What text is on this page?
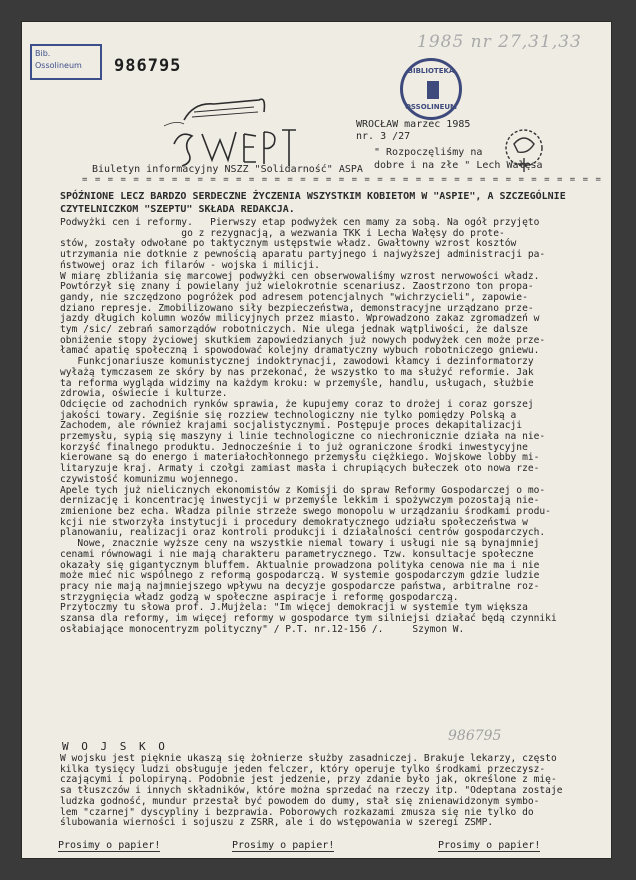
Bib.
Ossolineum	986795
1985 nr 27,31,33
BIBLIOTEKA
OSSOLINEUM
WROCŁAW marzec 1985
nr. 3 /27
" Rozpoczęliśmy na
dobre i na złe " Lech Wałęsa
Biuletyn informacyjny NSZZ "Solidarność" ASPA
= = = = = = = = = = = = = = = = = = = = = = = = = = = = = = = = = = = = = = = = =
SPÓŹNIONE LECZ BARDZO SERDECZNE ŻYCZENIA WSZYSTKIM KOBIETOM W "ASPIE", A SZCZEGÓLNIE
CZYTELNICZKOM "SZEPTU" SKŁADA REDAKCJA.

Podwyżki cen i reformy.   Pierwszy etap podwyżek cen mamy za sobą. Na ogół przyjęto

go z rezygnacją, a wezwania TKK i Lecha Wałęsy do prote-

stów, zostały odwołane po taktycznym ustępstwie władz. Gwałtowny wzrost kosztów

utrzymania nie dotknie z pewnością aparatu partyjnego i najwyższej administracji pa-

ństwowej oraz ich filarów - wojska i milicji.

W miarę zbliżania się marcowej podwyżki cen obserwowaliśmy wzrost nerwowości władz.

Powtórzył się znany i powielany już wielokrotnie scenariusz. Zaostrzono ton propa-

gandy, nie szczędzono pogróżek pod adresem potencjalnych "wichrzycieli", zapowie-

dziano represje. Zmobilizowano siły bezpieczeństwa, demonstracyjne urządzano prze-

jazdy długich kolumn wozów milicyjnych przez miasto. Wprowadzono zakaz zgromadzeń w

tym /sic/ zebrań samorządów robotniczych. Nie ulega jednak wątpliwości, że dalsze

obniżenie stopy życiowej skutkiem zapowiedzianych już nowych podwyżek cen może prze-

łamać apatię społeczną i spowodować kolejny dramatyczny wybuch robotniczego gniewu.

Funkcjonariusze komunistycznej indoktrynacji, zawodowi kłamcy i dezinformatorzy

wyłażą tymczasem ze skóry by nas przekonać, że wszystko to ma służyć reformie. Jak

ta reforma wygląda widzimy na każdym kroku: w przemyśle, handlu, usługach, służbie

zdrowia, oświecie i kulturze.

Odcięcie od zachodnich rynków sprawia, że kupujemy coraz to drożej i coraz gorszej

jakości towary. Zegiśnie się rozziew technologiczny nie tylko pomiędzy Polską a

Zachodem, ale również krajami socjalistycznymi. Postępuje proces dekapitalizacji

przemysłu, sypią się maszyny i linie technologiczne co niechronicznie działa na nie-

korzyść finalnego produktu. Jednocześnie i to już ograniczone środki inwestycyjne

kierowane są do energo i materiałochłonnego przemysłu ciężkiego. Wojskowe lobby mi-

litaryzuje kraj. Armaty i czołgi zamiast masła i chrupiących bułeczek oto nowa rze-

czywistość komunizmu wojennego.

Apele tych już nielicznych ekonomistów z Komisji do spraw Reformy Gospodarczej o mo-

dernizację i koncentrację inwestycji w przemyśle lekkim i spożywczym pozostają nie-

zmienione bez echa. Władza pilnie strzeże swego monopolu w urządzaniu środkami produ-

kcji nie stworzyła instytucji i procedury demokratycznego udziału społeczeństwa w

planowaniu, realizacji oraz kontroli produkcji i działalności centrów gospodarczych.

Nowe, znacznie wyższe ceny na wszystkie niemal towary i usługi nie są bynajmniej

cenami równowagi i nie mają charakteru parametrycznego. Tzw. konsultacje społeczne

okazały się gigantycznym bluffem. Aktualnie prowadzona polityka cenowa nie ma i nie

może mieć nic wspólnego z reformą gospodarczą. W systemie gospodarczym gdzie ludzie

pracy nie mają najmniejszego wpływu na decyzje gospodarcze państwa, arbitralne roz-

strzygnięcia władz godzą w społeczne aspiracje i reformę gospodarczą.

Przytoczmy tu słowa prof. J.Mujżela: "Im więcej demokracji w systemie tym większa

szansa dla reformy, im więcej reformy w gospodarce tym silniejsi działać będą czynniki

osłabiające monocentryzm polityczny" / P.T. nr.12-156 /.     Szymon W.

986795
W O J S K O

W wojsku jest pięknie ukaszą się żołnierze służby zasadniczej. Brakuje lekarzy, często

kilka tysięcy ludzi obsługuje jeden felczer, który operuje tylko środkami przeczysz-

czającymi i polopiryną. Podobnie jest jedzenie, przy zdanie było jak, określone z mię-

sa tłuszczów i innych składników, które można sprzedać na rzeczy itp. "Odeptana zostaje

ludzka godność, mundur przestał być powodem do dumy, stał się znienawidzonym symbo-

lem "czarnej" dyscypliny i bezprawia. Poborowych rozkazami zmusza się nie tylko do

ślubowania wierności i sojuszu z ZSRR, ale i do wstępowania w szeregi ZSMP.

Prosimy o papier!	Prosimy o papier!	Prosimy o papier!
